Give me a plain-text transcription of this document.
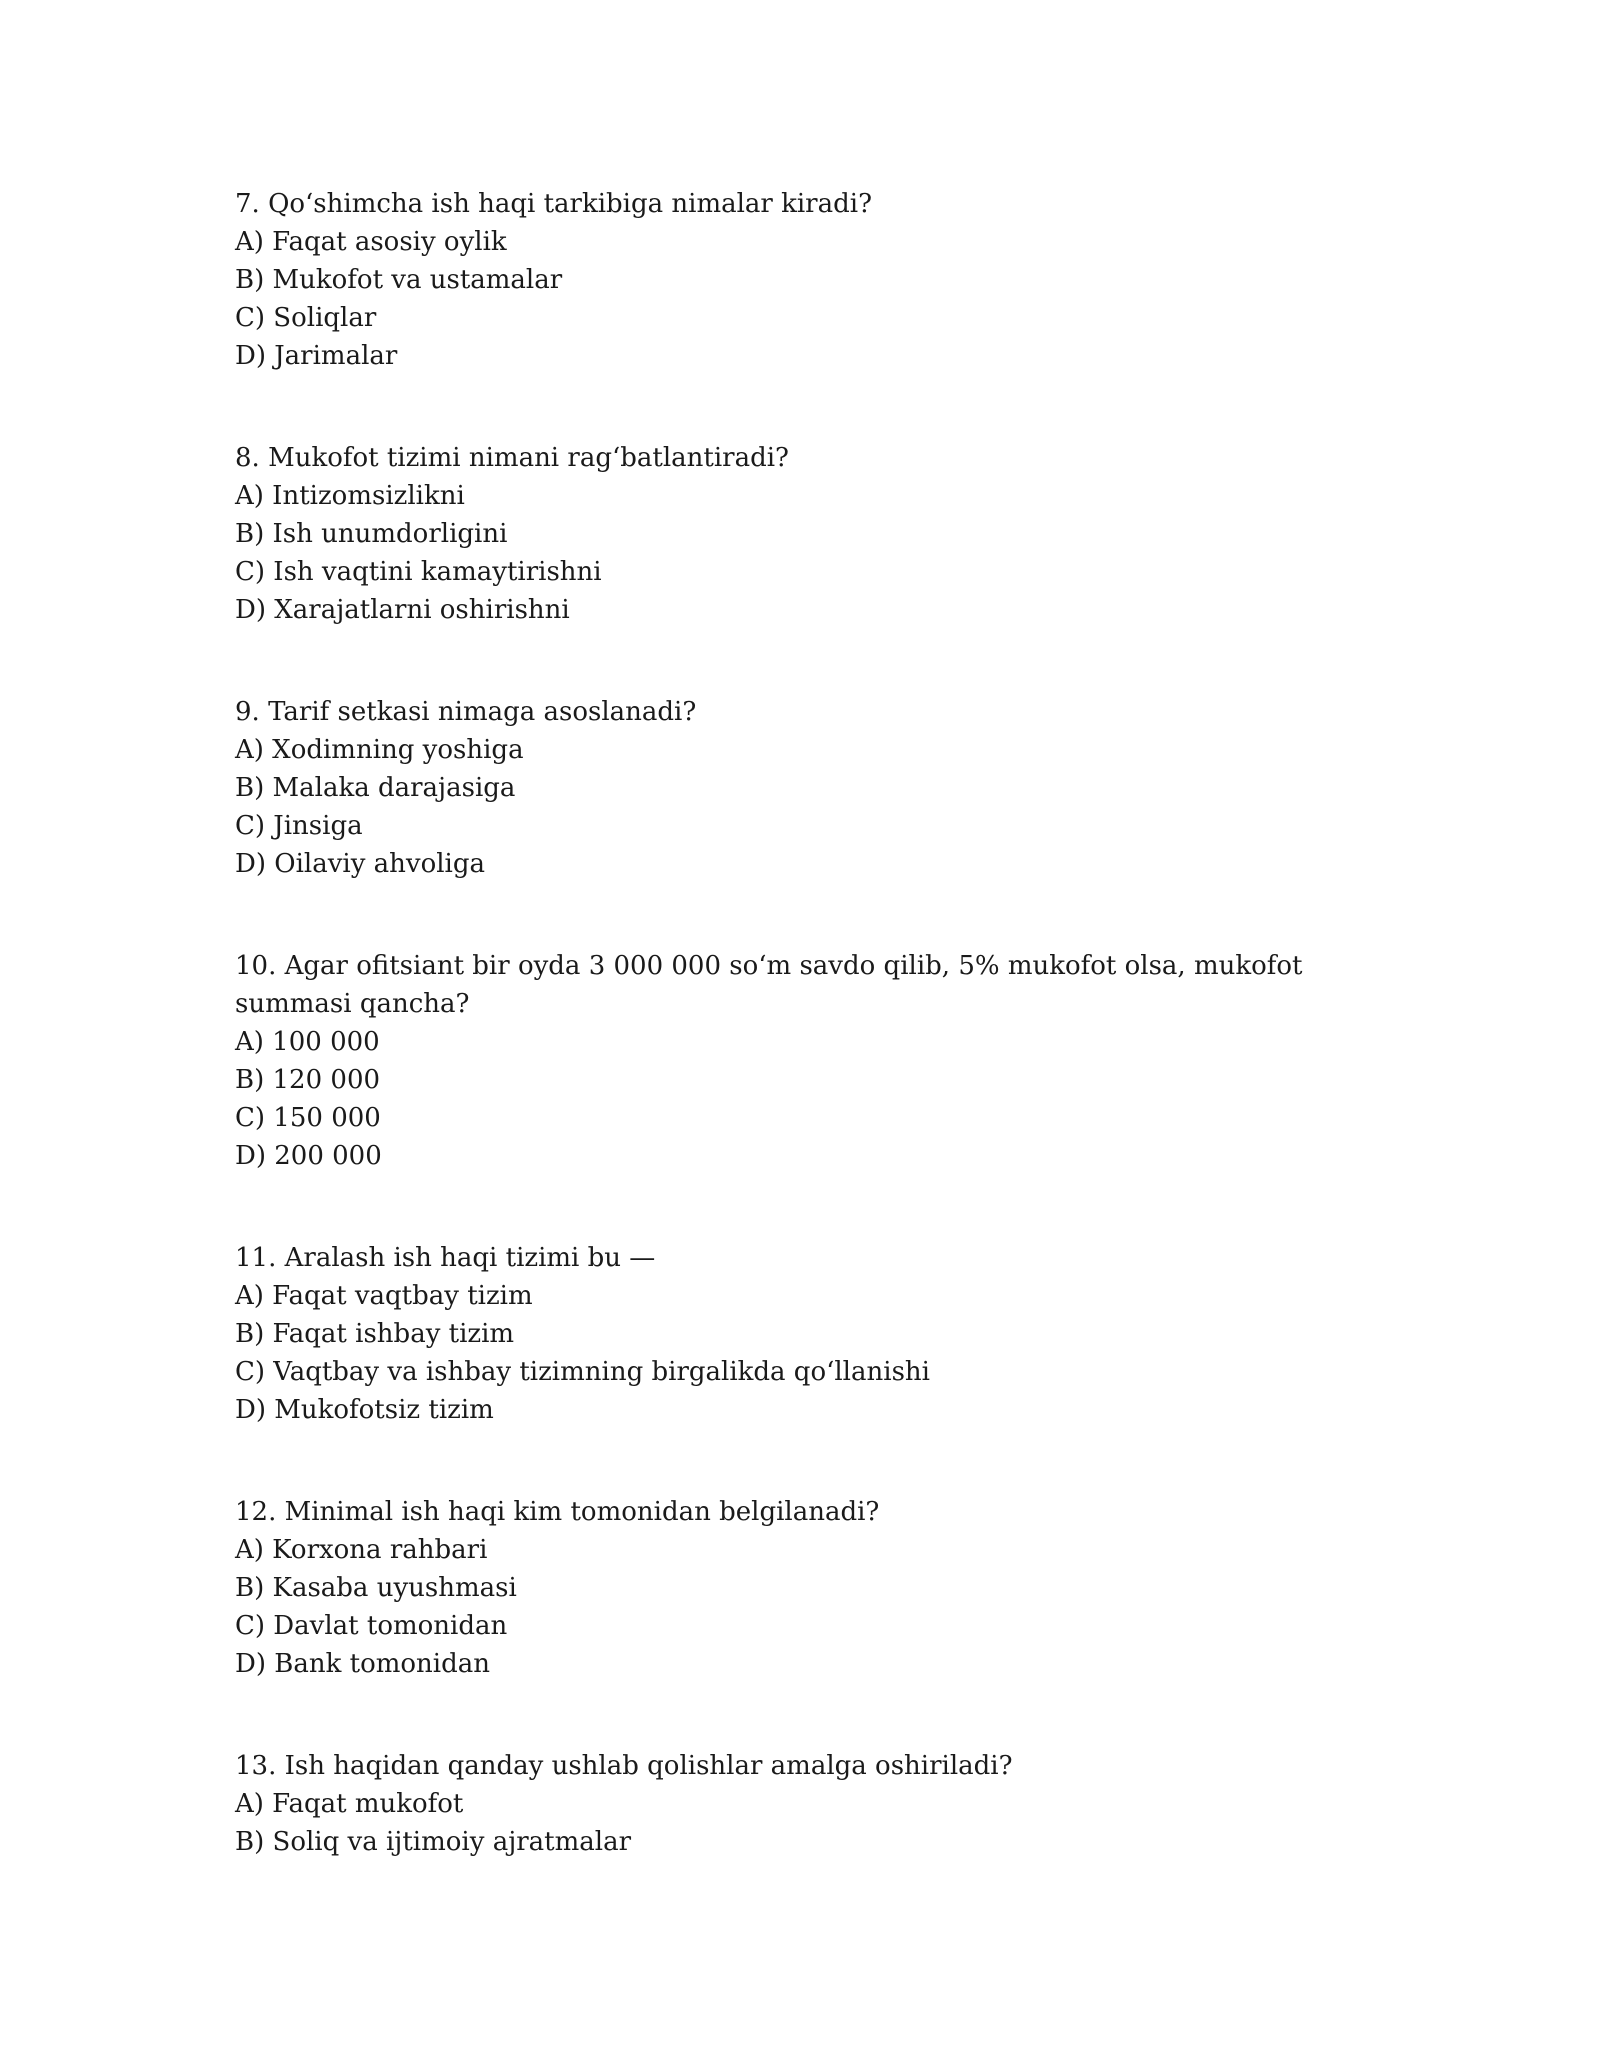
7. Qo‘shimcha ish haqi tarkibiga nimalar kiradi?

A) Faqat asosiy oylik

B) Mukofot va ustamalar

C) Soliqlar

D) Jarimalar

8. Mukofot tizimi nimani rag‘batlantiradi?

A) Intizomsizlikni

B) Ish unumdorligini

C) Ish vaqtini kamaytirishni

D) Xarajatlarni oshirishni

9. Tarif setkasi nimaga asoslanadi?

A) Xodimning yoshiga

B) Malaka darajasiga

C) Jinsiga

D) Oilaviy ahvoliga

10. Agar ofitsiant bir oyda 3 000 000 so‘m savdo qilib, 5% mukofot olsa, mukofot summasi qancha?

A) 100 000

B) 120 000

C) 150 000

D) 200 000

11. Aralash ish haqi tizimi bu —

A) Faqat vaqtbay tizim

B) Faqat ishbay tizim

C) Vaqtbay va ishbay tizimning birgalikda qo‘llanishi

D) Mukofotsiz tizim

12. Minimal ish haqi kim tomonidan belgilanadi?

A) Korxona rahbari

B) Kasaba uyushmasi

C) Davlat tomonidan

D) Bank tomonidan

13. Ish haqidan qanday ushlab qolishlar amalga oshiriladi?

A) Faqat mukofot

B) Soliq va ijtimoiy ajratmalar
